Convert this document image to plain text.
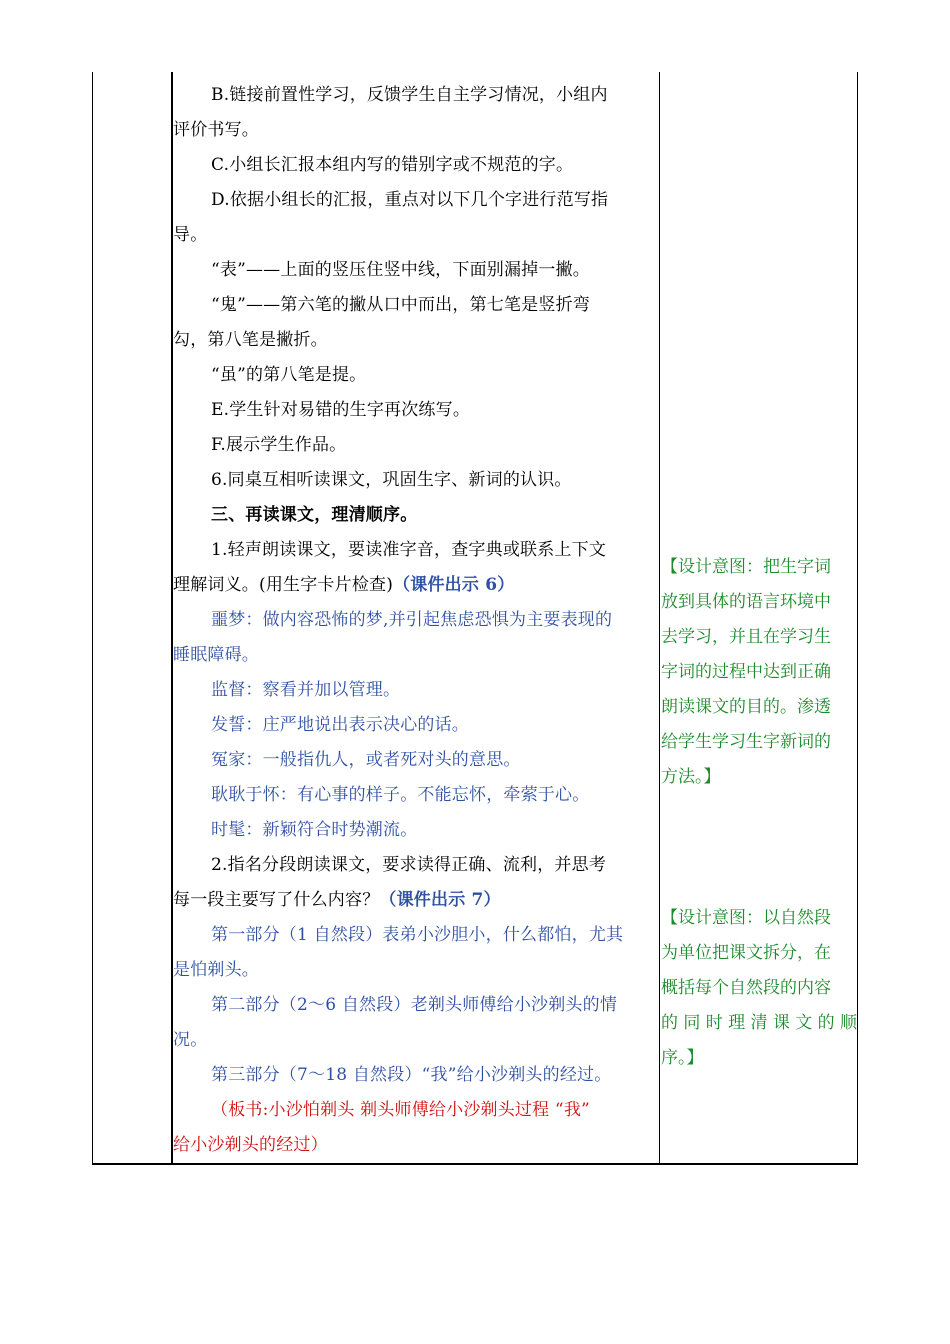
B.链接前置性学习，反馈学生自主学习情况，小组内
评价书写。
C.小组长汇报本组内写的错别字或不规范的字。
D.依据小组长的汇报，重点对以下几个字进行范写指
导。
“表”——上面的竖压住竖中线，下面别漏掉一撇。
“鬼”——第六笔的撇从口中而出，第七笔是竖折弯
勾，第八笔是撇折。
“虽”的第八笔是提。
E.学生针对易错的生字再次练写。
F.展示学生作品。
6.同桌互相听读课文，巩固生字、新词的认识。
三、再读课文，理清顺序。
1.轻声朗读课文，要读准字音，查字典或联系上下文
理解词义。(用生字卡片检查)（课件出示 6）
噩梦：做内容恐怖的梦,并引起焦虑恐惧为主要表现的
睡眠障碍。
监督：察看并加以管理。
发誓：庄严地说出表示决心的话。
冤家：一般指仇人，或者死对头的意思。
耿耿于怀：有心事的样子。不能忘怀，牵萦于心。
时髦：新颖符合时势潮流。
2.指名分段朗读课文，要求读得正确、流利，并思考
每一段主要写了什么内容？（课件出示 7）
第一部分（1 自然段）表弟小沙胆小，什么都怕，尤其
是怕剃头。
第二部分（2～6 自然段）老剃头师傅给小沙剃头的情
况。
第三部分（7～18 自然段）“我”给小沙剃头的经过。
（板书:小沙怕剃头 剃头师傅给小沙剃头过程 “我”
给小沙剃头的经过）
【设计意图：把生字词
放到具体的语言环境中
去学习，并且在学习生
字词的过程中达到正确
朗读课文的目的。渗透
给学生学习生字新词的
方法。】
【设计意图：以自然段
为单位把课文拆分，在
概括每个自然段的内容
的同时理清课文的顺
序。】
